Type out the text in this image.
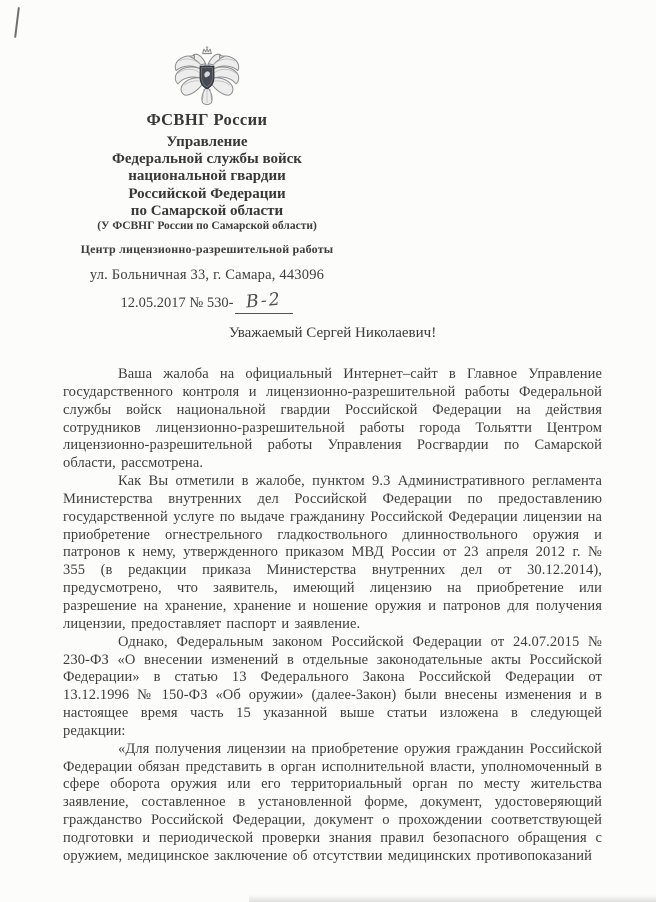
ФСВНГ России
Управление
Федеральной службы войск
национальной гвардии
Российской Федерации
по Самарской области
(У ФСВНГ России по Самарской области)
Центр лицензионно-разрешительной работы
ул. Больничная 33, г. Самара, 443096
12.05.2017 № 530- В-2
Уважаемый Сергей Николаевич!

Ваша жалоба на официальный Интернет–сайт в Главное Управление государственного контроля и лицензионно-разрешительной работы Федеральной службы войск национальной гвардии Российской Федерации на действия сотрудников лицензионно-разрешительной работы города Тольятти Центром лицензионно-разрешительной работы Управления Росгвардии по Самарской области, рассмотрена.

Как Вы отметили в жалобе, пунктом 9.3 Административного регламента Министерства внутренних дел Российской Федерации по предоставлению государственной услуге по выдаче гражданину Российской Федерации лицензии на приобретение огнестрельного гладкоствольного длинноствольного оружия и патронов к нему, утвержденного приказом МВД России от 23 апреля 2012 г. № 355 (в редакции приказа Министерства внутренних дел от 30.12.2014), предусмотрено, что заявитель, имеющий лицензию на приобретение или разрешение на хранение, хранение и ношение оружия и патронов для получения лицензии, предоставляет паспорт и заявление.

Однако, Федеральным законом Российской Федерации от 24.07.2015 № 230-ФЗ «О внесении изменений в отдельные законодательные акты Российской Федерации» в статью 13 Федерального Закона Российской Федерации от 13.12.1996 № 150-ФЗ «Об оружии» (далее-Закон) были внесены изменения и в настоящее время часть 15 указанной выше статьи изложена в следующей редакции:

«Для получения лицензии на приобретение оружия гражданин Российской Федерации обязан представить в орган исполнительной власти, уполномоченный в сфере оборота оружия или его территориальный орган по месту жительства заявление, составленное в установленной форме, документ, удостоверяющий гражданство Российской Федерации, документ о прохождении соответствующей подготовки и периодической проверки знания правил безопасного обращения с оружием, медицинское заключение об отсутствии медицинских противопоказаний
